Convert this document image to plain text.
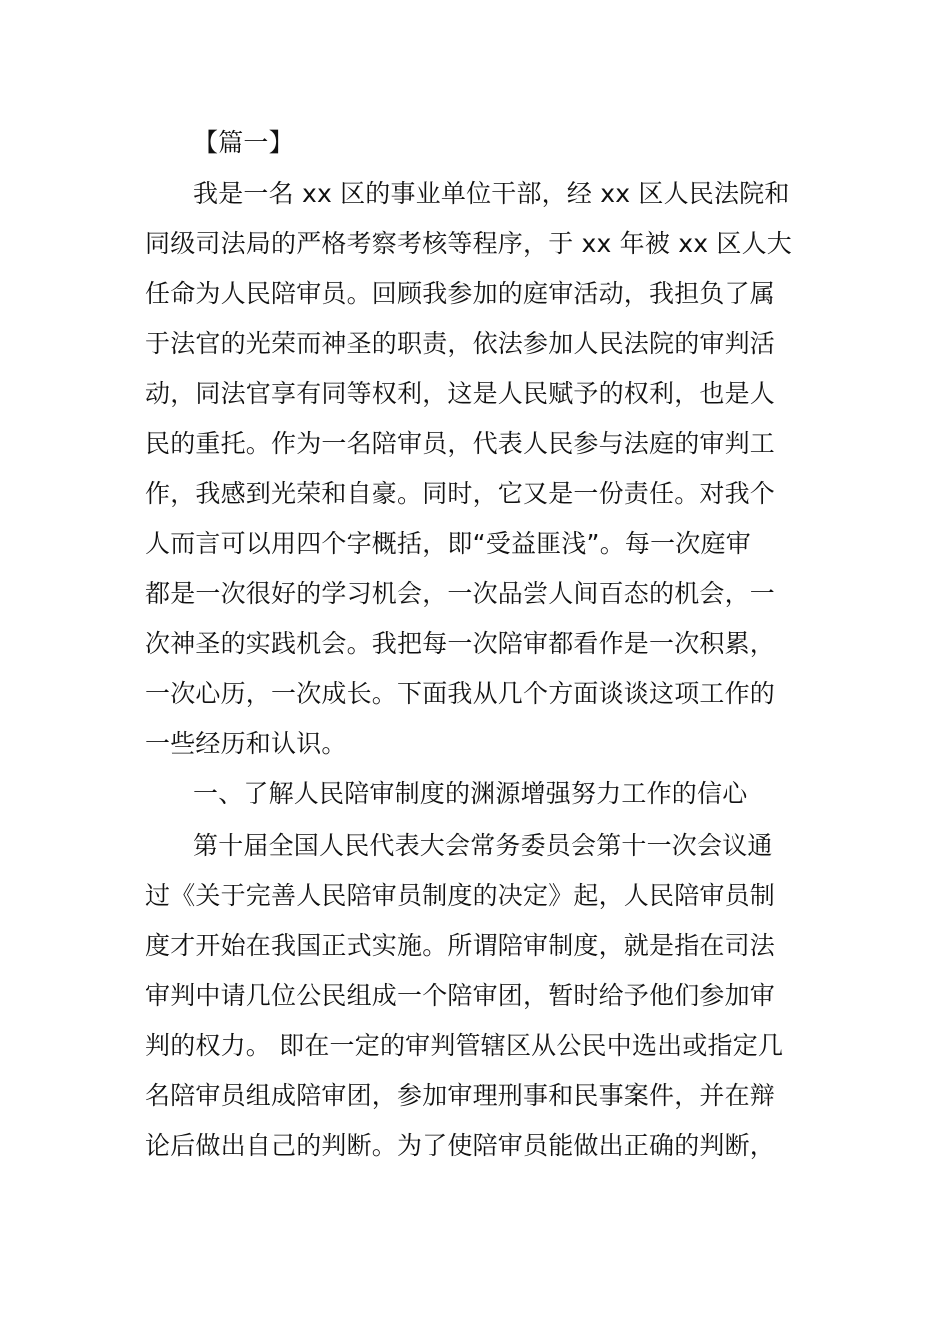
【篇一】
我是一名 xx 区的事业单位干部，经 xx 区人民法院和
同级司法局的严格考察考核等程序，于 xx 年被 xx 区人大
任命为人民陪审员。回顾我参加的庭审活动，我担负了属
于法官的光荣而神圣的职责，依法参加人民法院的审判活
动，同法官享有同等权利，这是人民赋予的权利，也是人
民的重托。作为一名陪审员，代表人民参与法庭的审判工
作，我感到光荣和自豪。同时，它又是一份责任。对我个
人而言可以用四个字概括，即“受益匪浅”。每一次庭审
都是一次很好的学习机会，一次品尝人间百态的机会，一
次神圣的实践机会。我把每一次陪审都看作是一次积累，
一次心历，一次成长。下面我从几个方面谈谈这项工作的
一些经历和认识。
一、了解人民陪审制度的渊源增强努力工作的信心
第十届全国人民代表大会常务委员会第十一次会议通
过《关于完善人民陪审员制度的决定》起，人民陪审员制
度才开始在我国正式实施。所谓陪审制度，就是指在司法
审判中请几位公民组成一个陪审团，暂时给予他们参加审
判的权力。 即在一定的审判管辖区从公民中选出或指定几
名陪审员组成陪审团，参加审理刑事和民事案件，并在辩
论后做出自己的判断。为了使陪审员能做出正确的判断，
